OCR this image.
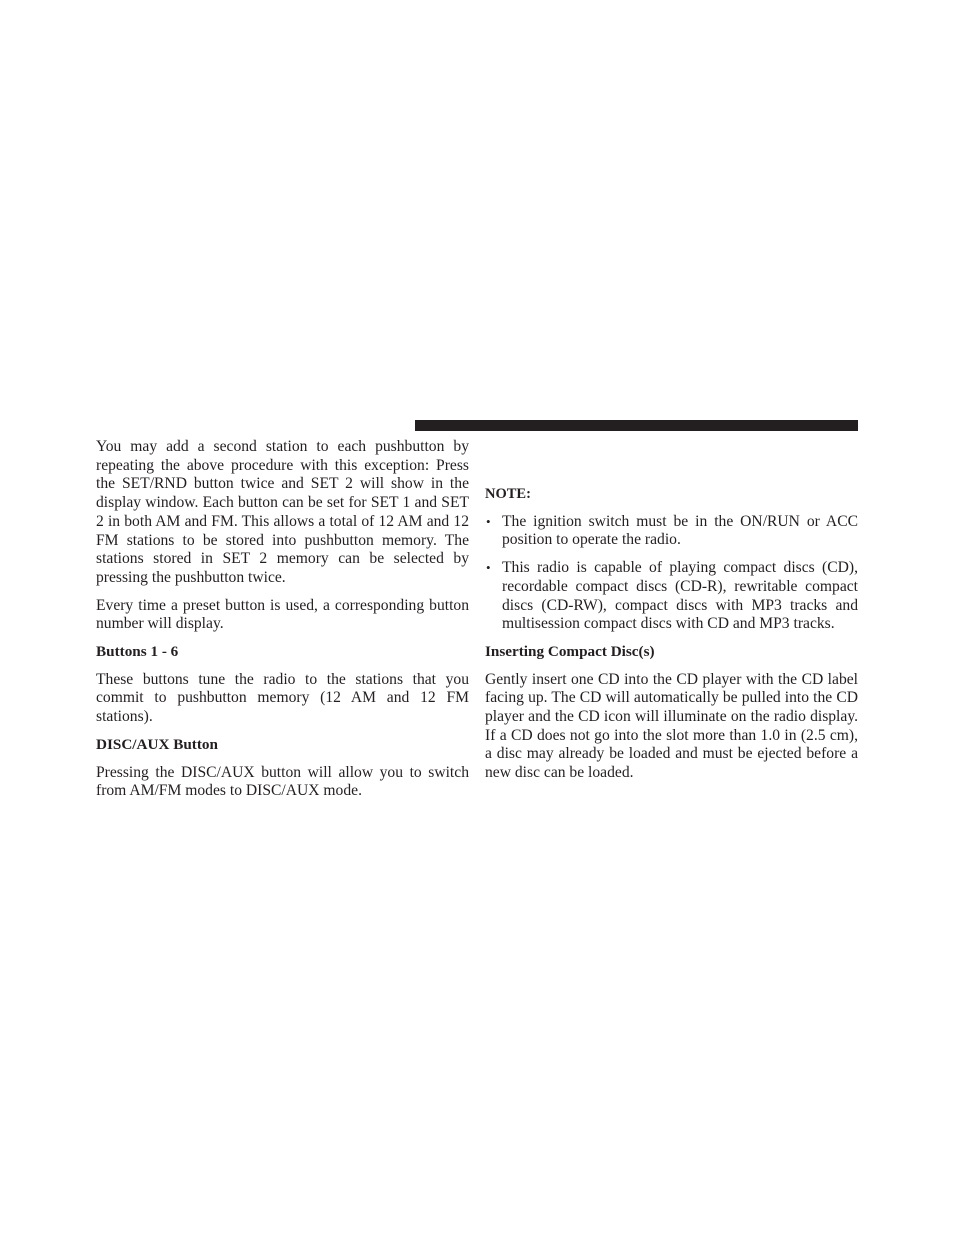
You may add a second station to each pushbutton by repeating the above procedure with this exception: Press the SET/RND button twice and SET 2 will show in the display window. Each button can be set for SET 1 and SET 2 in both AM and FM. This allows a total of 12 AM and 12 FM stations to be stored into pushbutton memory. The stations stored in SET 2 memory can be selected by pressing the pushbutton twice.

Every time a preset button is used, a corresponding button number will display.

Buttons 1 - 6

These buttons tune the radio to the stations that you commit to pushbutton memory (12 AM and 12 FM stations).

DISC/AUX Button

Pressing the DISC/AUX button will allow you to switch from AM/FM modes to DISC/AUX mode.

NOTE:
• The ignition switch must be in the ON/RUN or ACC position to operate the radio.
• This radio is capable of playing compact discs (CD), recordable compact discs (CD-R), rewritable compact discs (CD-RW), compact discs with MP3 tracks and multisession compact discs with CD and MP3 tracks.
Inserting Compact Disc(s)

Gently insert one CD into the CD player with the CD label facing up. The CD will automatically be pulled into the CD player and the CD icon will illuminate on the radio display. If a CD does not go into the slot more than 1.0 in (2.5 cm), a disc may already be loaded and must be ejected before a new disc can be loaded.
